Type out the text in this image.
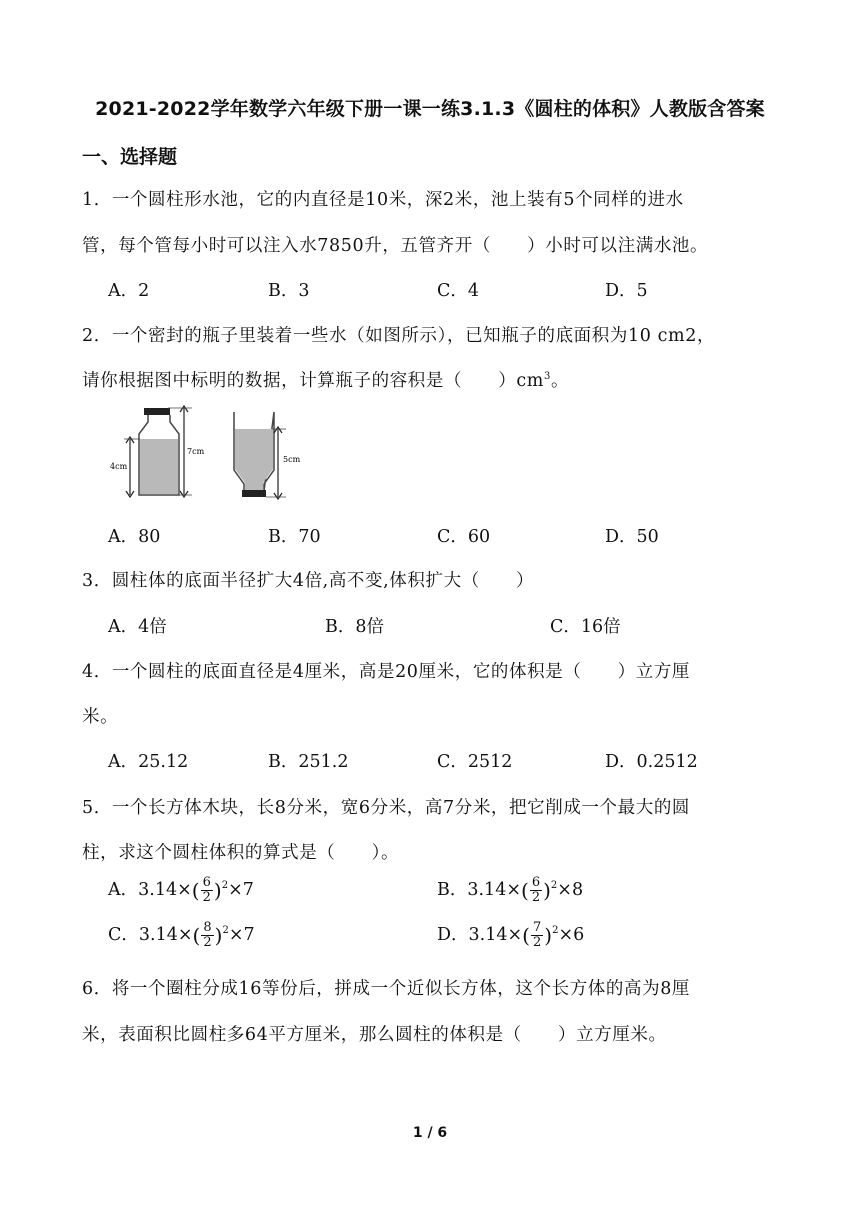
2021-2022学年数学六年级下册一课一练3.1.3《圆柱的体积》人教版含答案
一、选择题
1．一个圆柱形水池，它的内直径是10米，深2米，池上装有5个同样的进水
管，每个管每小时可以注入水7850升，五管齐开（　　）小时可以注满水池。
A．2	B．3	C．4	D．5
2．一个密封的瓶子里装着一些水（如图所示），已知瓶子的底面积为10 cm2，
请你根据图中标明的数据，计算瓶子的容积是（　　）$cm^3$。
4cm
7cm
5cm
A．80	B．70	C．60	D．50
3．圆柱体的底面半径扩大4倍,高不变,体积扩大（　　）
A．4倍	B．8倍	C．16倍
4．一个圆柱的底面直径是4厘米，高是20厘米，它的体积是（　　）立方厘
米。
A．25.12	B．251.2	C．2512	D．0.2512
5．一个长方体木块，长8分米，宽6分米，高7分米，把它削成一个最大的圆
柱，求这个圆柱体积的算式是（　　）。
A．$3.14\times( \frac{6}{2} )^2\times 7$	B．$3.14\times( \frac{6}{2} )^2\times 8$
C．$3.14\times( \frac{8}{2} )^2\times 7$	D．$3.14\times( \frac{7}{2} )^2\times 6$
6．将一个圈柱分成16等份后，拼成一个近似长方体，这个长方体的高为8厘
米，表面积比圆柱多64平方厘米，那么圆柱的体积是（　　）立方厘米。
1 / 6
